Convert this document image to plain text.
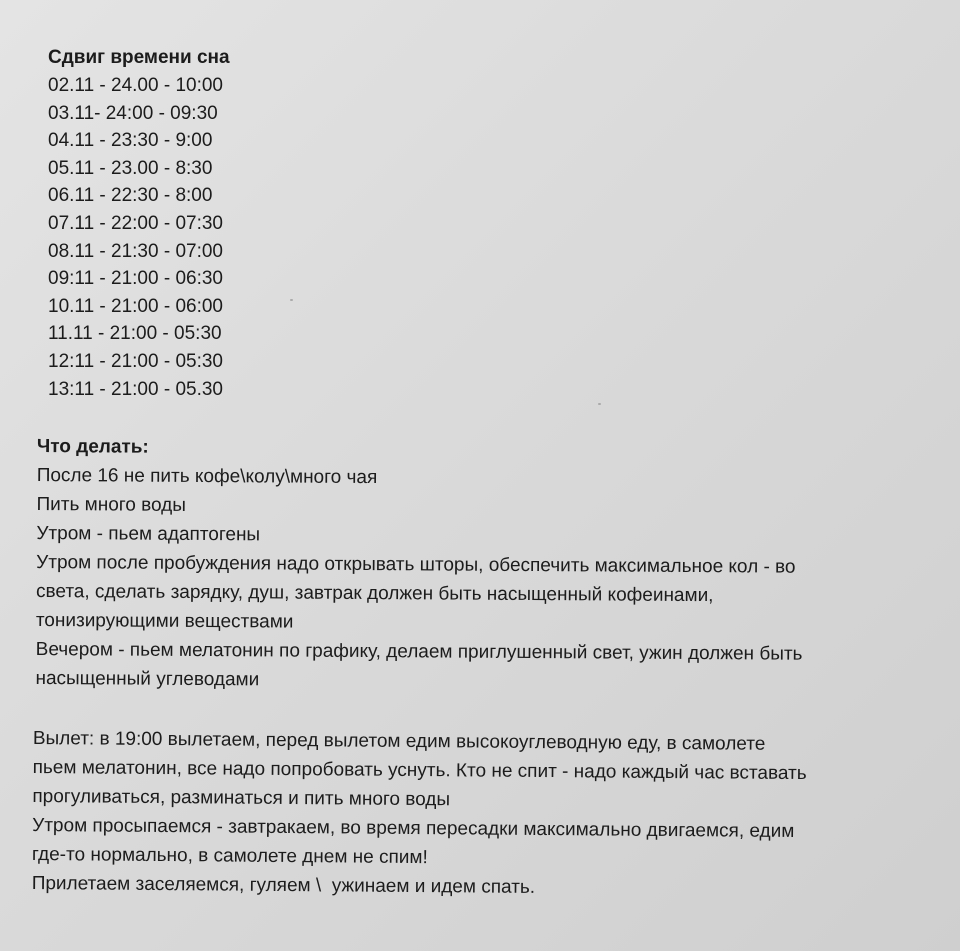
Сдвиг времени сна
02.11 - 24.00 - 10:00
03.11- 24:00 - 09:30
04.11 - 23:30 - 9:00
05.11 - 23.00 - 8:30
06.11 - 22:30 - 8:00
07.11 - 22:00 - 07:30
08.11 - 21:30 - 07:00
09:11 - 21:00 - 06:30
10.11 - 21:00 - 06:00
11.11 - 21:00 - 05:30
12:11 - 21:00 - 05:30
13:11 - 21:00 - 05.30
Что делать:
После 16 не пить кофе\колу\много чая
Пить много воды
Утром - пьем адаптогены
Утром после пробуждения надо открывать шторы, обеспечить максимальное кол - во
света, сделать зарядку, душ, завтрак должен быть насыщенный кофеинами,
тонизирующими веществами
Вечером - пьем мелатонин по графику, делаем приглушенный свет, ужин должен быть
насыщенный углеводами
Вылет: в 19:00 вылетаем, перед вылетом едим высокоуглеводную еду, в самолете
пьем мелатонин, все надо попробовать уснуть. Кто не спит - надо каждый час вставать
прогуливаться, разминаться и пить много воды
Утром просыпаемся - завтракаем, во время пересадки максимально двигаемся, едим
где-то нормально, в самолете днем не спим!
Прилетаем заселяемся, гуляем \  ужинаем и идем спать.
